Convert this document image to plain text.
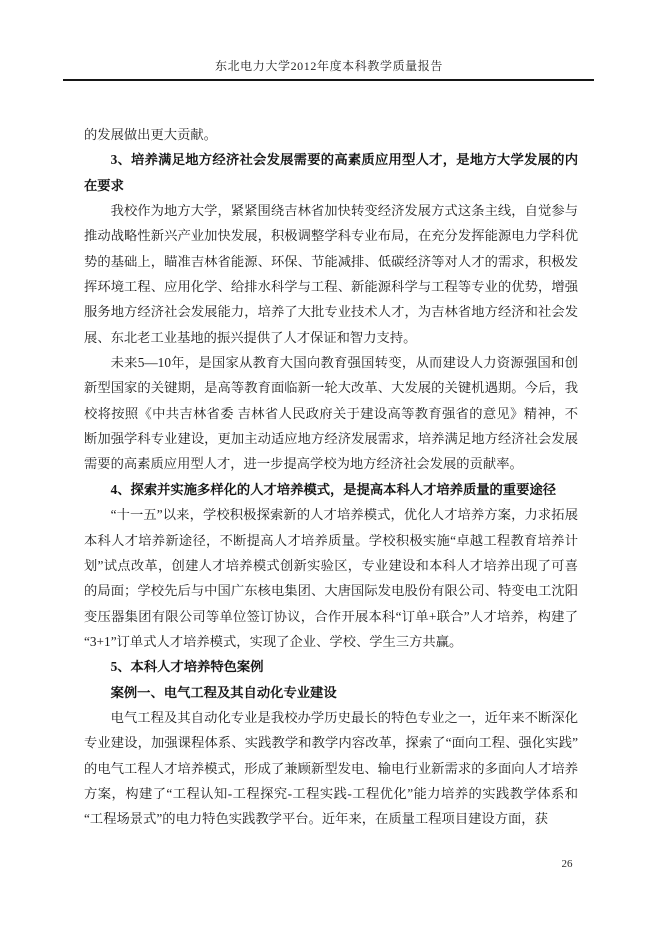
东北电力大学2012年度本科教学质量报告

的发展做出更大贡献。

3、培养满足地方经济社会发展需要的高素质应用型人才，是地方大学发展的内在要求

我校作为地方大学，紧紧围绕吉林省加快转变经济发展方式这条主线，自觉参与推动战略性新兴产业加快发展，积极调整学科专业布局，在充分发挥能源电力学科优势的基础上，瞄准吉林省能源、环保、节能减排、低碳经济等对人才的需求，积极发挥环境工程、应用化学、给排水科学与工程、新能源科学与工程等专业的优势，增强服务地方经济社会发展能力，培养了大批专业技术人才，为吉林省地方经济和社会发展、东北老工业基地的振兴提供了人才保证和智力支持。

未来5—10年，是国家从教育大国向教育强国转变，从而建设人力资源强国和创新型国家的关键期，是高等教育面临新一轮大改革、大发展的关键机遇期。今后，我校将按照《中共吉林省委 吉林省人民政府关于建设高等教育强省的意见》精神，不断加强学科专业建设，更加主动适应地方经济发展需求，培养满足地方经济社会发展需要的高素质应用型人才，进一步提高学校为地方经济社会发展的贡献率。

4、探索并实施多样化的人才培养模式，是提高本科人才培养质量的重要途径

“十一五”以来，学校积极探索新的人才培养模式，优化人才培养方案，力求拓展本科人才培养新途径，不断提高人才培养质量。学校积极实施“卓越工程教育培养计划”试点改革，创建人才培养模式创新实验区，专业建设和本科人才培养出现了可喜的局面；学校先后与中国广东核电集团、大唐国际发电股份有限公司、特变电工沈阳变压器集团有限公司等单位签订协议，合作开展本科“订单+联合”人才培养，构建了“3+1”订单式人才培养模式，实现了企业、学校、学生三方共赢。

5、本科人才培养特色案例

案例一、电气工程及其自动化专业建设

电气工程及其自动化专业是我校办学历史最长的特色专业之一，近年来不断深化专业建设，加强课程体系、实践教学和教学内容改革，探索了“面向工程、强化实践”的电气工程人才培养模式，形成了兼顾新型发电、输电行业新需求的多面向人才培养方案，构建了“工程认知-工程探究-工程实践-工程优化”能力培养的实践教学体系和“工程场景式”的电力特色实践教学平台。近年来，在质量工程项目建设方面，获

26
